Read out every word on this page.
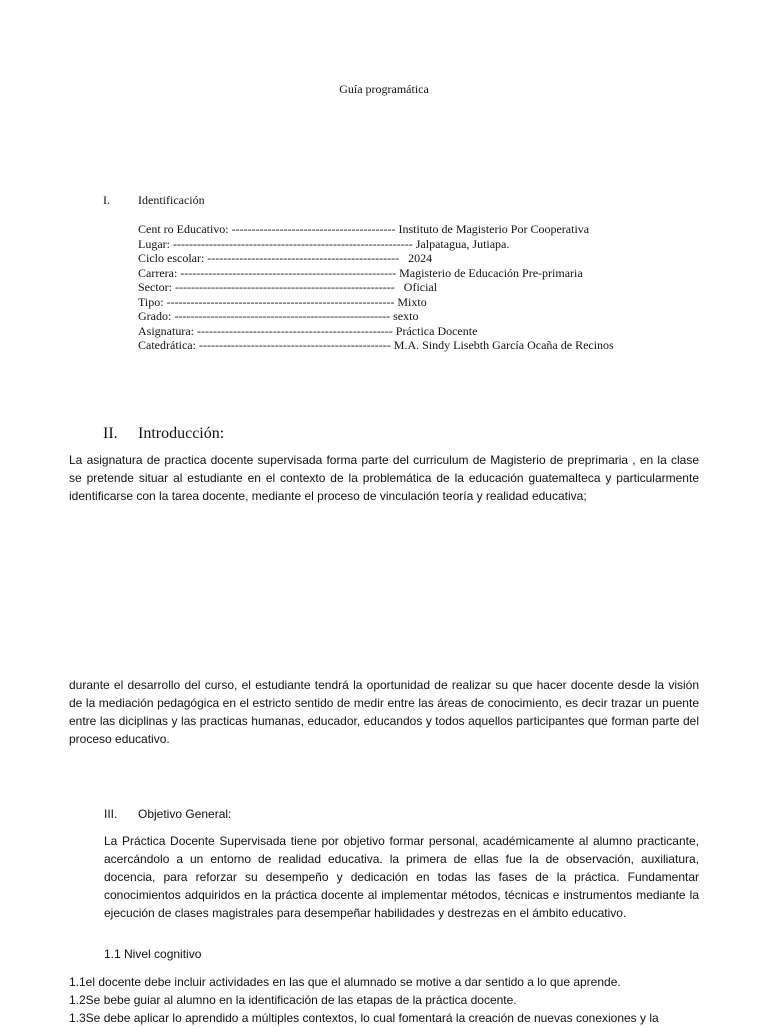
Guía programática
I. Identificación
Cent ro Educativo: ----------------------------------------- Instituto de Magisterio Por Cooperativa
Lugar: ------------------------------------------------------------ Jalpatagua, Jutiapa.
Ciclo escolar: ------------------------------------------------   2024
Carrera: ------------------------------------------------------ Magisterio de Educación Pre-primaria
Sector: -------------------------------------------------------   Oficial
Tipo: --------------------------------------------------------- Mixto
Grado: ------------------------------------------------------ sexto
Asignatura: ------------------------------------------------- Práctica Docente
Catedrática: ------------------------------------------------ M.A. Sindy Lisebth García Ocaña de Recinos
II. Introducción:
La asignatura de practica docente supervisada forma parte del curriculum de Magisterio de preprimaria , en la clase se pretende situar al estudiante en el contexto de la problemática de la educación guatemalteca y particularmente identificarse con la tarea docente, mediante el proceso de vinculación teoría y realidad educativa;
durante el desarrollo del curso, el estudiante tendrá la oportunidad de realizar su que hacer docente desde la visión de la mediación pedagógica en el estricto sentido de medir entre las áreas de conocimiento, es decir trazar un puente entre las diciplinas y las practicas humanas, educador, educandos y todos aquellos participantes que forman parte del proceso educativo.
III. Objetivo General:
La Práctica Docente Supervisada tiene por objetivo formar personal, académicamente al alumno practicante, acercándolo a un entorno de realidad educativa. la primera de ellas fue la de observación, auxiliatura, docencia, para reforzar su desempeño y dedicación en todas las fases de la práctica. Fundamentar conocimientos adquiridos en la práctica docente al implementar métodos, técnicas e instrumentos mediante la ejecución de clases magistrales para desempeñar habilidades y destrezas en el ámbito educativo.
1.1 Nivel cognitivo
1.1el docente debe incluir actividades en las que el alumnado se motive a dar sentido a lo que aprende.
1.2Se bebe guiar al alumno en la identificación de las etapas de la práctica docente.
1.3Se debe aplicar lo aprendido a múltiples contextos, lo cual fomentará la creación de nuevas conexiones y la
